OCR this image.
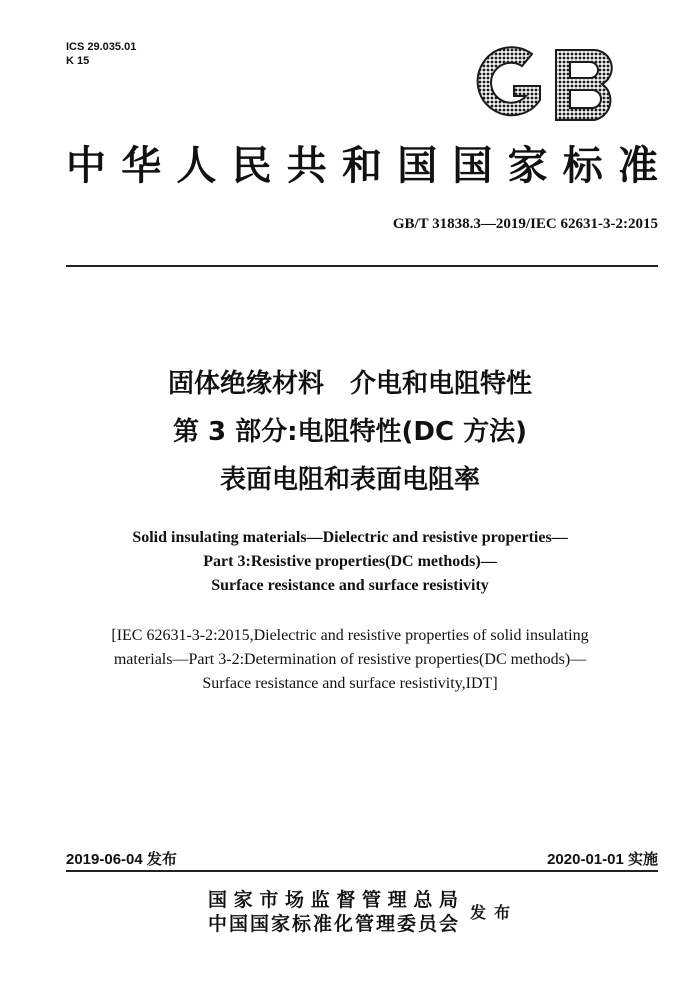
ICS 29.035.01
K 15
中华人民共和国国家标准
GB/T 31838.3—2019/IEC 62631-3-2:2015
固体绝缘材料　介电和电阻特性
第 3 部分:电阻特性(DC 方法)
表面电阻和表面电阻率
Solid insulating materials—Dielectric and resistive properties—
Part 3:Resistive properties(DC methods)—
Surface resistance and surface resistivity
[IEC 62631-3-2:2015,Dielectric and resistive properties of solid insulating
materials—Part 3-2:Determination of resistive properties(DC methods)—
Surface resistance and surface resistivity,IDT]
2019-06-04 发布	2020-01-01 实施
国家市场监督管理总局
中国国家标准化管理委员会
发布
